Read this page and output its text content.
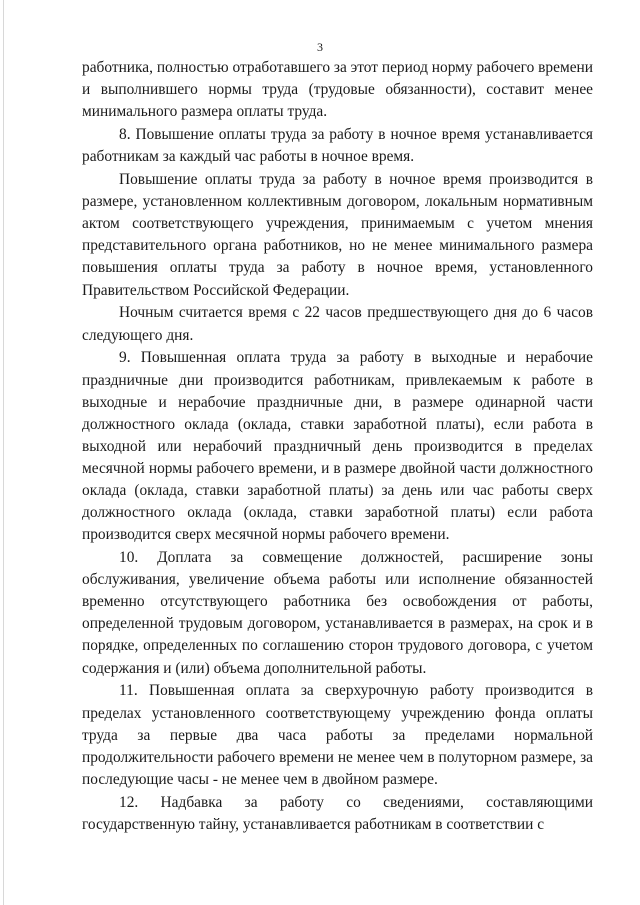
3

работника, полностью отработавшего за этот период норму рабочего времени и выполнившего нормы труда (трудовые обязанности), составит менее минимального размера оплаты труда.

8. Повышение оплаты труда за работу в ночное время устанавливается работникам за каждый час работы в ночное время.

Повышение оплаты труда за работу в ночное время производится в размере, установленном коллективным договором, локальным нормативным актом соответствующего учреждения, принимаемым с учетом мнения представительного органа работников, но не менее минимального размера повышения оплаты труда за работу в ночное время, установленного Правительством Российской Федерации.

Ночным считается время с 22 часов предшествующего дня до 6 часов следующего дня.

9. Повышенная оплата труда за работу в выходные и нерабочие праздничные дни производится работникам, привлекаемым к работе в выходные и нерабочие праздничные дни, в размере одинарной части должностного оклада (оклада, ставки заработной платы), если работа в выходной или нерабочий праздничный день производится в пределах месячной нормы рабочего времени, и в размере двойной части должностного оклада (оклада, ставки заработной платы) за день или час работы сверх должностного оклада (оклада, ставки заработной платы) если работа производится сверх месячной нормы рабочего времени.

10. Доплата за совмещение должностей, расширение зоны обслуживания, увеличение объема работы или исполнение обязанностей временно отсутствующего работника без освобождения от работы, определенной трудовым договором, устанавливается в размерах, на срок и в порядке, определенных по соглашению сторон трудового договора, с учетом содержания и (или) объема дополнительной работы.

11. Повышенная оплата за сверхурочную работу производится в пределах установленного соответствующему учреждению фонда оплаты труда за первые два часа работы за пределами нормальной продолжительности рабочего времени не менее чем в полуторном размере, за последующие часы - не менее чем в двойном размере.

12. Надбавка за работу со сведениями, составляющими государственную тайну, устанавливается работникам в соответствии с
